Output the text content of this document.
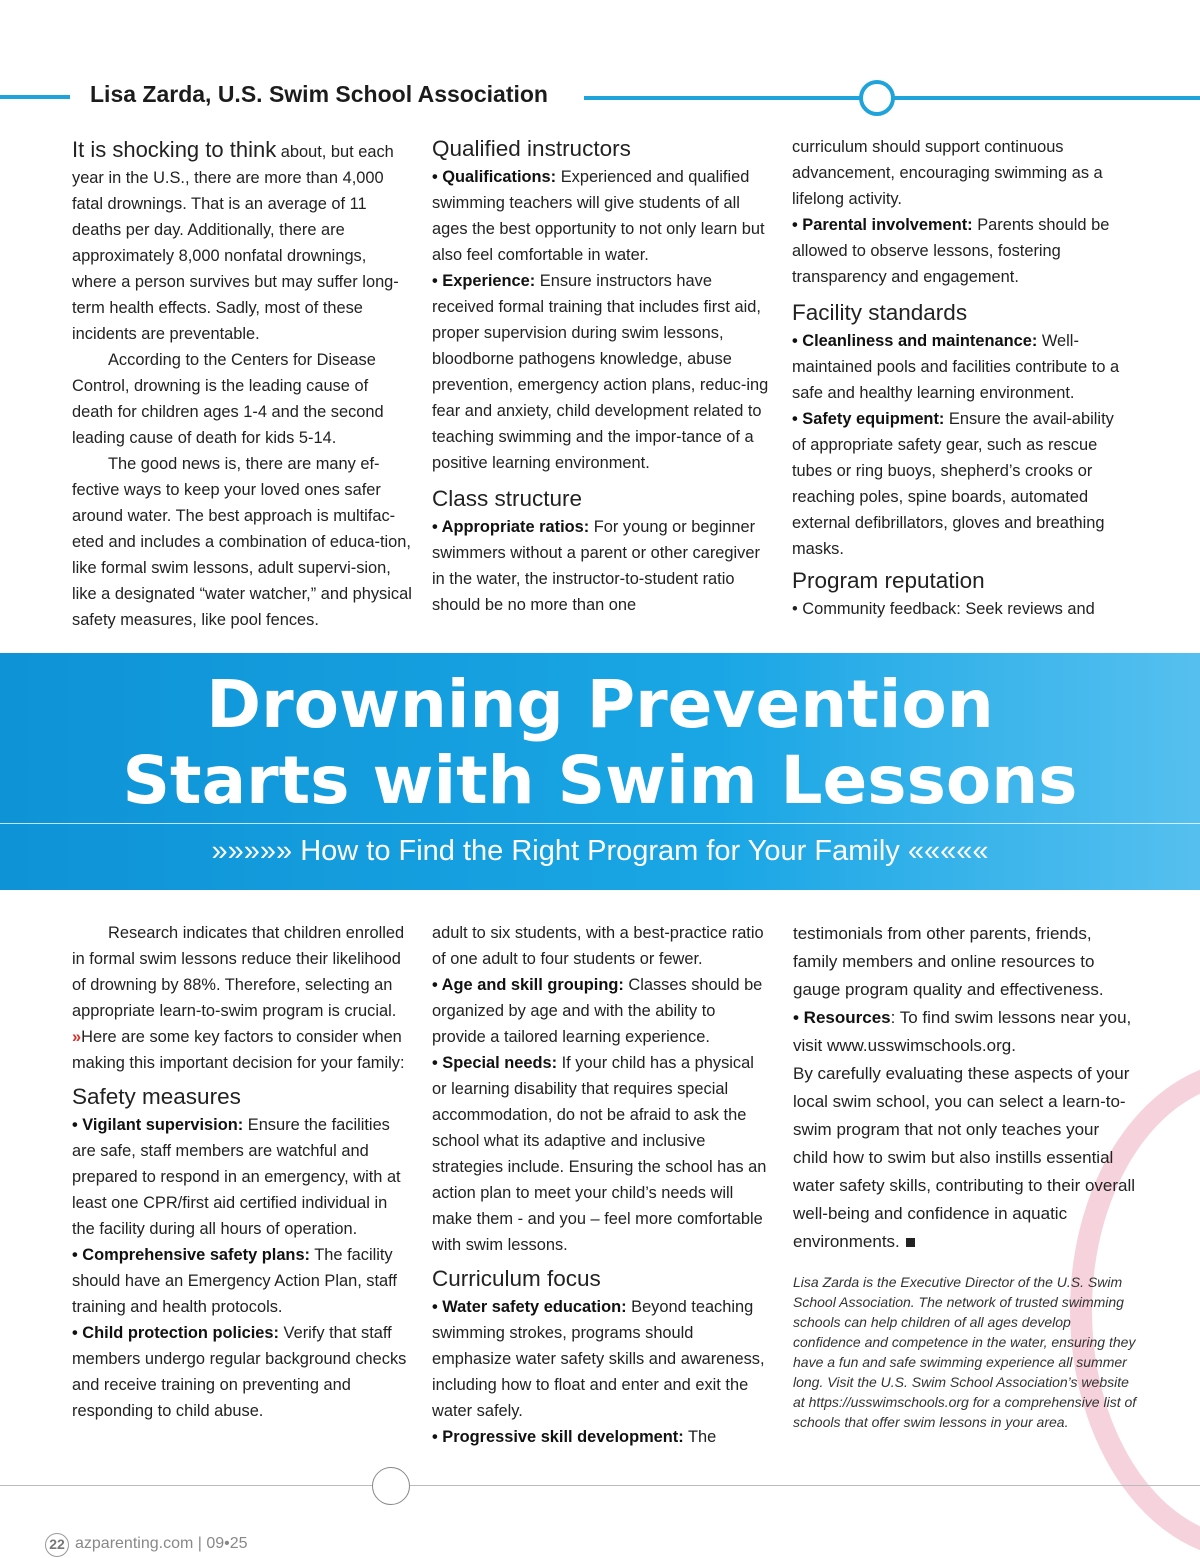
Lisa Zarda, U.S. Swim School Association

It is shocking to think about, but each year in the U.S., there are more than 4,000 fatal drownings. That is an average of 11 deaths per day. Additionally, there are approximately 8,000 nonfatal drownings, where a person survives but may suffer long-term health effects. Sadly, most of these incidents are preventable.

According to the Centers for Disease Control, drowning is the leading cause of death for children ages 1-4 and the second leading cause of death for kids 5-14.

The good news is, there are many ef-fective ways to keep your loved ones safer around water. The best approach is multifac-eted and includes a combination of educa-tion, like formal swim lessons, adult supervi-sion, like a designated “water watcher,” and physical safety measures, like pool fences.

Qualified instructors

• Qualifications: Experienced and qualified swimming teachers will give students of all ages the best opportunity to not only learn but also feel comfortable in water.

• Experience: Ensure instructors have received formal training that includes first aid, proper supervision during swim lessons, bloodborne pathogens knowledge, abuse prevention, emergency action plans, reduc-ing fear and anxiety, child development related to teaching swimming and the impor-tance of a positive learning environment.

Class structure

• Appropriate ratios: For young or beginner swimmers without a parent or other caregiver in the water, the instructor-to-student ratio should be no more than one

curriculum should support continuous advancement, encouraging swimming as a lifelong activity.

• Parental involvement: Parents should be allowed to observe lessons, fostering transparency and engagement.

Facility standards

• Cleanliness and maintenance: Well-maintained pools and facilities contribute to a safe and healthy learning environment.

• Safety equipment: Ensure the avail-ability of appropriate safety gear, such as rescue tubes or ring buoys, shepherd’s crooks or reaching poles, spine boards, automated external defibrillators, gloves and breathing masks.

Program reputation

• Community feedback: Seek reviews and

Drowning Prevention
Starts with Swim Lessons
»»»»» How to Find the Right Program for Your Family «««««

Research indicates that children enrolled in formal swim lessons reduce their likelihood of drowning by 88%. Therefore, selecting an appropriate learn-to-swim program is crucial. »Here are some key factors to consider when making this important decision for your family:

Safety measures

• Vigilant supervision: Ensure the facilities are safe, staff members are watchful and prepared to respond in an emergency, with at least one CPR/first aid certified individual in the facility during all hours of operation.

• Comprehensive safety plans: The facility should have an Emergency Action Plan, staff training and health protocols.

• Child protection policies: Verify that staff members undergo regular background checks and receive training on preventing and responding to child abuse.

adult to six students, with a best-practice ratio of one adult to four students or fewer.

• Age and skill grouping: Classes should be organized by age and with the ability to provide a tailored learning experience.

• Special needs: If your child has a physical or learning disability that requires special accommodation, do not be afraid to ask the school what its adaptive and inclusive strategies include. Ensuring the school has an action plan to meet your child’s needs will make them - and you – feel more comfortable with swim lessons.

Curriculum focus

• Water safety education: Beyond teaching swimming strokes, programs should emphasize water safety skills and awareness, including how to float and enter and exit the water safely.

• Progressive skill development: The

testimonials from other parents, friends, family members and online resources to gauge program quality and effectiveness.

• Resources: To find swim lessons near you, visit www.usswimschools.org.

By carefully evaluating these aspects of your local swim school, you can select a learn-to-swim program that not only teaches your child how to swim but also instills essential water safety skills, contributing to their overall well-being and confidence in aquatic environments.

Lisa Zarda is the Executive Director of the U.S. Swim School Association. The network of trusted swimming schools can help children of all ages develop confidence and competence in the water, ensuring they have a fun and safe swimming experience all summer long. Visit the U.S. Swim School Association’s website at https://usswimschools.org for a comprehensive list of schools that offer swim lessons in your area.

22 azparenting.com | 09•25
